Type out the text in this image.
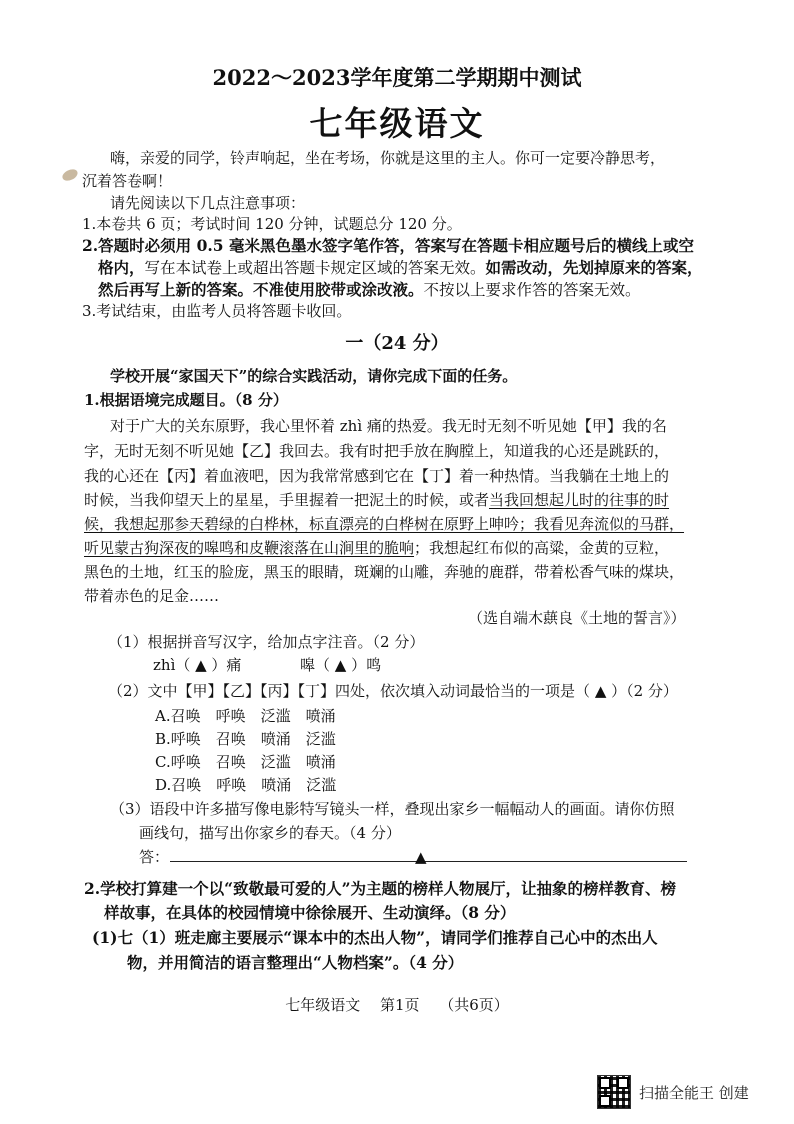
2022～2023学年度第二学期期中测试
七年级语文
嗨，亲爱的同学，铃声响起，坐在考场，你就是这里的主人。你可一定要冷静思考，
沉着答卷啊！
请先阅读以下几点注意事项：
1.本卷共 6 页；考试时间 120 分钟，试题总分 120 分。
2.答题时必须用 0.5 毫米黑色墨水签字笔作答，答案写在答题卡相应题号后的横线上或空
格内，写在本试卷上或超出答题卡规定区域的答案无效。如需改动，先划掉原来的答案，
然后再写上新的答案。不准使用胶带或涂改液。不按以上要求作答的答案无效。
3.考试结束，由监考人员将答题卡收回。
一（24 分）
学校开展“家国天下”的综合实践活动，请你完成下面的任务。
1.根据语境完成题目。（8 分）
对于广大的关东原野，我心里怀着 zhì 痛的热爱。我无时无刻不听见她【甲】我的名
字，无时无刻不听见她【乙】我回去。我有时把手放在胸膛上，知道我的心还是跳跃的，
我的心还在【丙】着血液吧，因为我常常感到它在【丁】着一种热情。当我躺在土地上的
时候，当我仰望天上的星星，手里握着一把泥土的时候，或者当我回想起儿时的往事的时
候，我想起那参天碧绿的白桦林，标直漂亮的白桦树在原野上呻吟；我看见奔流似的马群，
听见蒙古狗深夜的嗥鸣和皮鞭滚落在山涧里的脆响；我想起红布似的高粱，金黄的豆粒，
黑色的土地，红玉的脸庞，黑玉的眼睛，斑斓的山雕，奔驰的鹿群，带着松香气味的煤块，
带着赤色的足金……
（选自端木蕻良《土地的誓言》）
（1）根据拼音写汉字，给加点字注音。（2 分）
zhì（ ▲ ）痛	嗥（ ▲ ）鸣
（2）文中【甲】【乙】【丙】【丁】四处，依次填入动词最恰当的一项是（ ▲ ）（2 分）
A.召唤　呼唤　泛滥　喷涌
B.呼唤　召唤　喷涌　泛滥
C.呼唤　召唤　泛滥　喷涌
D.召唤　呼唤　喷涌　泛滥
（3）语段中许多描写像电影特写镜头一样，叠现出家乡一幅幅动人的画面。请你仿照
画线句，描写出你家乡的春天。（4 分）
答：	▲
2.学校打算建一个以“致敬最可爱的人”为主题的榜样人物展厅，让抽象的榜样教育、榜
样故事，在具体的校园情境中徐徐展开、生动演绎。（8 分）
(1)七（1）班走廊主要展示“课本中的杰出人物”，请同学们推荐自己心中的杰出人
物，并用简洁的语言整理出“人物档案”。（4 分）
七年级语文　 第1页　 （共6页）
扫描全能王 创建
